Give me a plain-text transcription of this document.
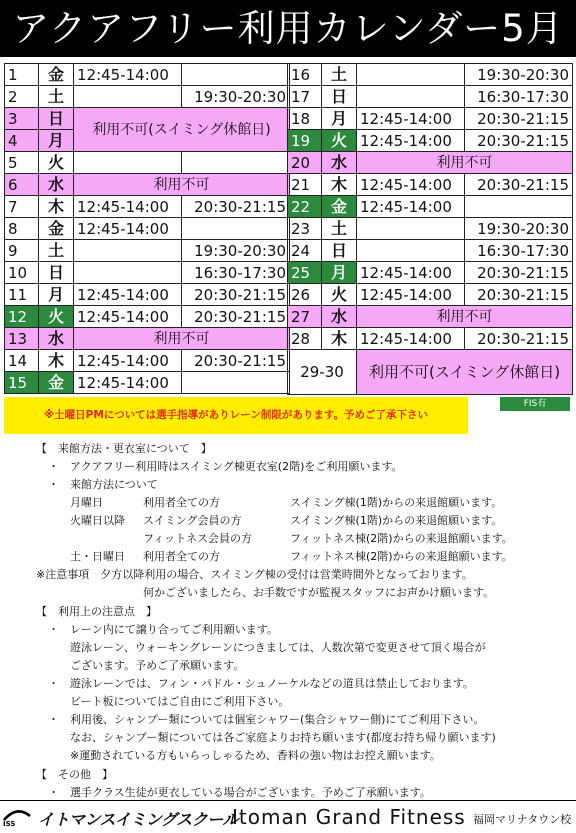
アクアフリー利用カレンダー5月
1	金	12:45-14:00	
2	土		19:30-20:30
3	日	利用不可(スイミング休館日)	
4	月		
5	火		
6	水	利用不可	
7	木	12:45-14:00	20:30-21:15
8	金	12:45-14:00	
9	土		19:30-20:30
10	日		16:30-17:30
11	月	12:45-14:00	20:30-21:15
12	火	12:45-14:00	20:30-21:15
13	水	利用不可	
14	木	12:45-14:00	20:30-21:15
15	金	12:45-14:00	
16	土		19:30-20:30
17	日		16:30-17:30
18	月	12:45-14:00	20:30-21:15
19	火	12:45-14:00	20:30-21:15
20	水	利用不可	
21	木	12:45-14:00	20:30-21:15
22	金	12:45-14:00	
23	土		19:30-20:30
24	日		16:30-17:30
25	月	12:45-14:00	20:30-21:15
26	火	12:45-14:00	20:30-21:15
27	水	利用不可	
28	木	12:45-14:00	20:30-21:15
29-30		利用不可(スイミング休館日)	
※土曜日PMについては選手指導がありレーン制限があります。予めご了承下さい
FIS有
【　来館方法・更衣室について　】
・ アクアフリー利用時はスイミング棟更衣室(2階)をご利用願います。
・ 来館方法について
月曜日	利用者全ての方	スイミング棟(1階)からの来退館願います。
火曜日以降 スイミング会員の方	スイミング棟(1階)からの来退館願います。
フィットネス会員の方	フィットネス棟(2階)からの来退館願います。
土・日曜日 利用者全ての方	フィットネス棟(2階)からの来退館願います。
※注意事項　夕方以降利用の場合、スイミング棟の受付は営業時間外となっております。
何かございましたら、お手数ですが監視スタッフにお声かけ願います。
【　利用上の注意点　】
・ レーン内にて譲り合ってご利用願います。
遊泳レーン、ウォーキングレーンにつきましては、人数次第で変更させて頂く場合が
ございます。予めご了承願います。
・ 遊泳レーンでは、フィン・パドル・シュノーケルなどの道具は禁止しております。
ビート板についてはご自由にご利用下さい。
・ 利用後、シャンプー類については個室シャワー(集合シャワー側)にてご利用下さい。
なお、シャンプー類については各ご家庭よりお持ち願います(都度お持ち帰り願います)
※運動されている方もいらっしゃるため、香料の強い物はお控え願います。
【　その他　】
・ 選手クラス生徒が更衣している場合がございます。予めご了承願います。
ISS イトマンスイミングスクール
Itoman Grand Fitness 福岡マリナタウン校
